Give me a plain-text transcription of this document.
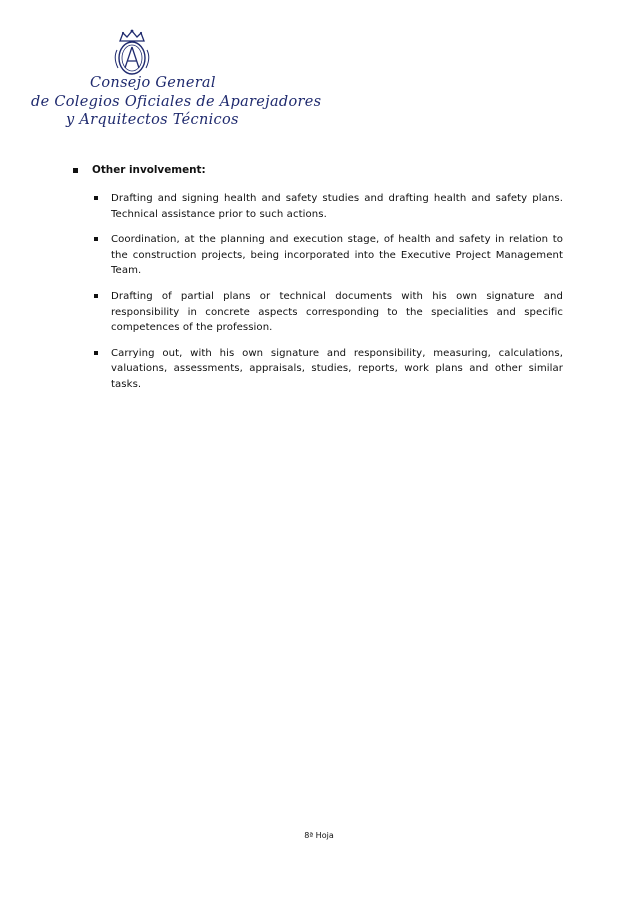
Consejo General
de Colegios Oficiales de Aparejadores
y Arquitectos Técnicos
Other involvement:
Drafting and signing health and safety studies and drafting health and safety plans. Technical assistance prior to such actions.
Coordination, at the planning and execution stage, of health and safety in relation to the construction projects, being incorporated into the Executive Project Management Team.
Drafting of partial plans or technical documents with his own signature and responsibility in concrete aspects corresponding to the specialities and specific competences of the profession.
Carrying out, with his own signature and responsibility, measuring, calculations, valuations, assessments, appraisals, studies, reports, work plans and other similar tasks.
8ª Hoja
